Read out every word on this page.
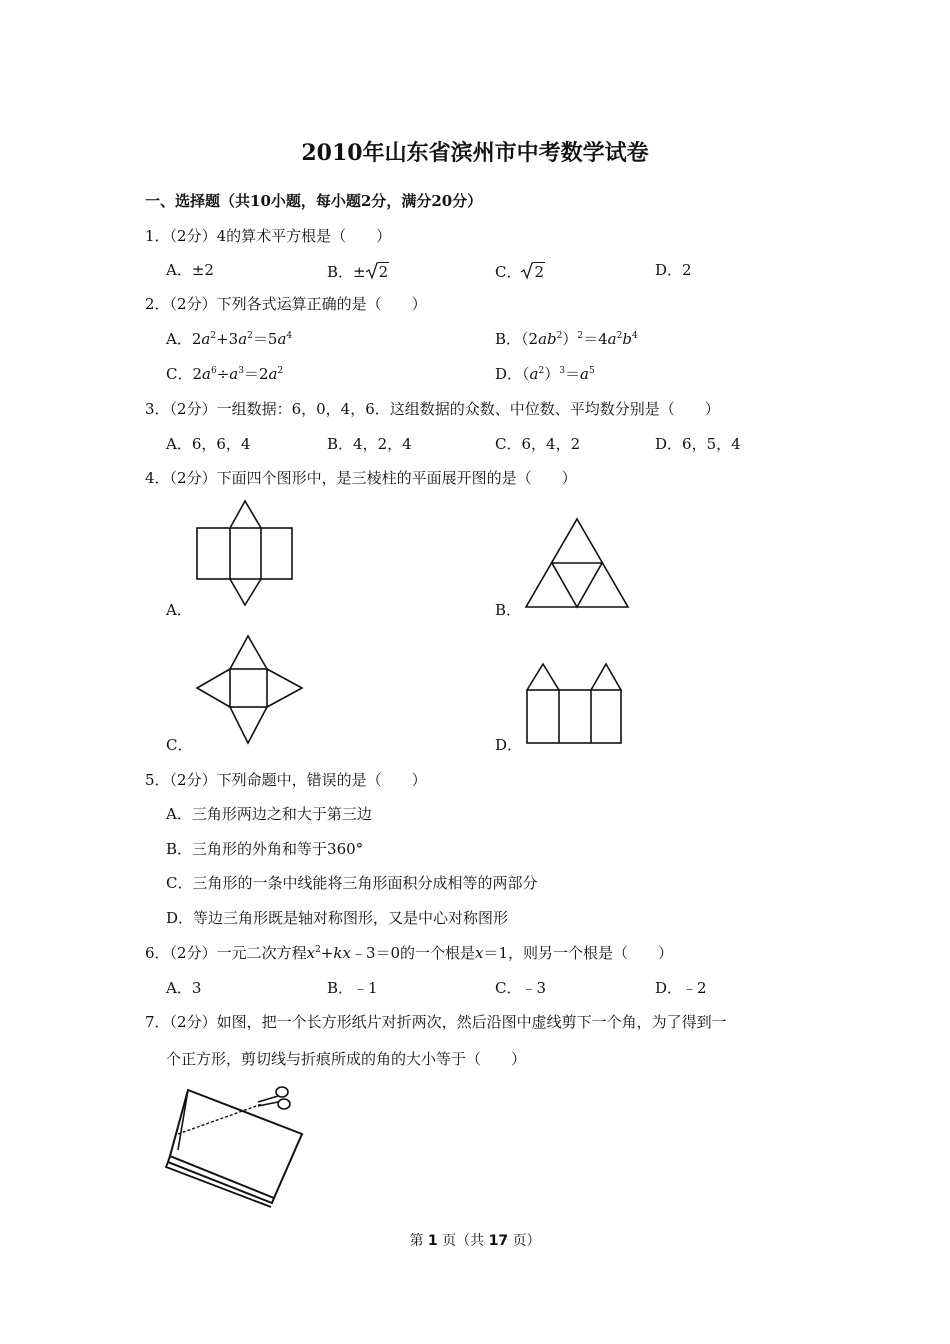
2010年山东省滨州市中考数学试卷
一、选择题（共10小题，每小题2分，满分20分）
1．（2分）4的算术平方根是（　　）
A．±2	B．± 2	C． 2	D．2
2．（2分）下列各式运算正确的是（　　）
A．$2a^2+3a^2=5a^4$	B．$(2ab^2)^2=4a^2b^4$
C．$2a^6\div a^3=2a^2$	D．$(a^2)^3=a^5$
3．（2分）一组数据：6，0，4，6．这组数据的众数、中位数、平均数分别是（　　）
A．6，6，4	B．4，2，4	C．6，4，2	D．6，5，4
4．（2分）下面四个图形中，是三棱柱的平面展开图的是（　　）
A．	B．
C．	D．
5．（2分）下列命题中，错误的是（　　）
A．三角形两边之和大于第三边
B．三角形的外角和等于360°
C．三角形的一条中线能将三角形面积分成相等的两部分
D．等边三角形既是轴对称图形，又是中心对称图形
6．（2分）一元二次方程$x^2+kx﹣3=0$的一个根是x＝1，则另一个根是（　　）
A．3	B．﹣1	C．﹣3	D．﹣2
7．（2分）如图，把一个长方形纸片对折两次，然后沿图中虚线剪下一个角，为了得到一
个正方形，剪切线与折痕所成的角的大小等于（　　）
第 1 页（共 17 页）
